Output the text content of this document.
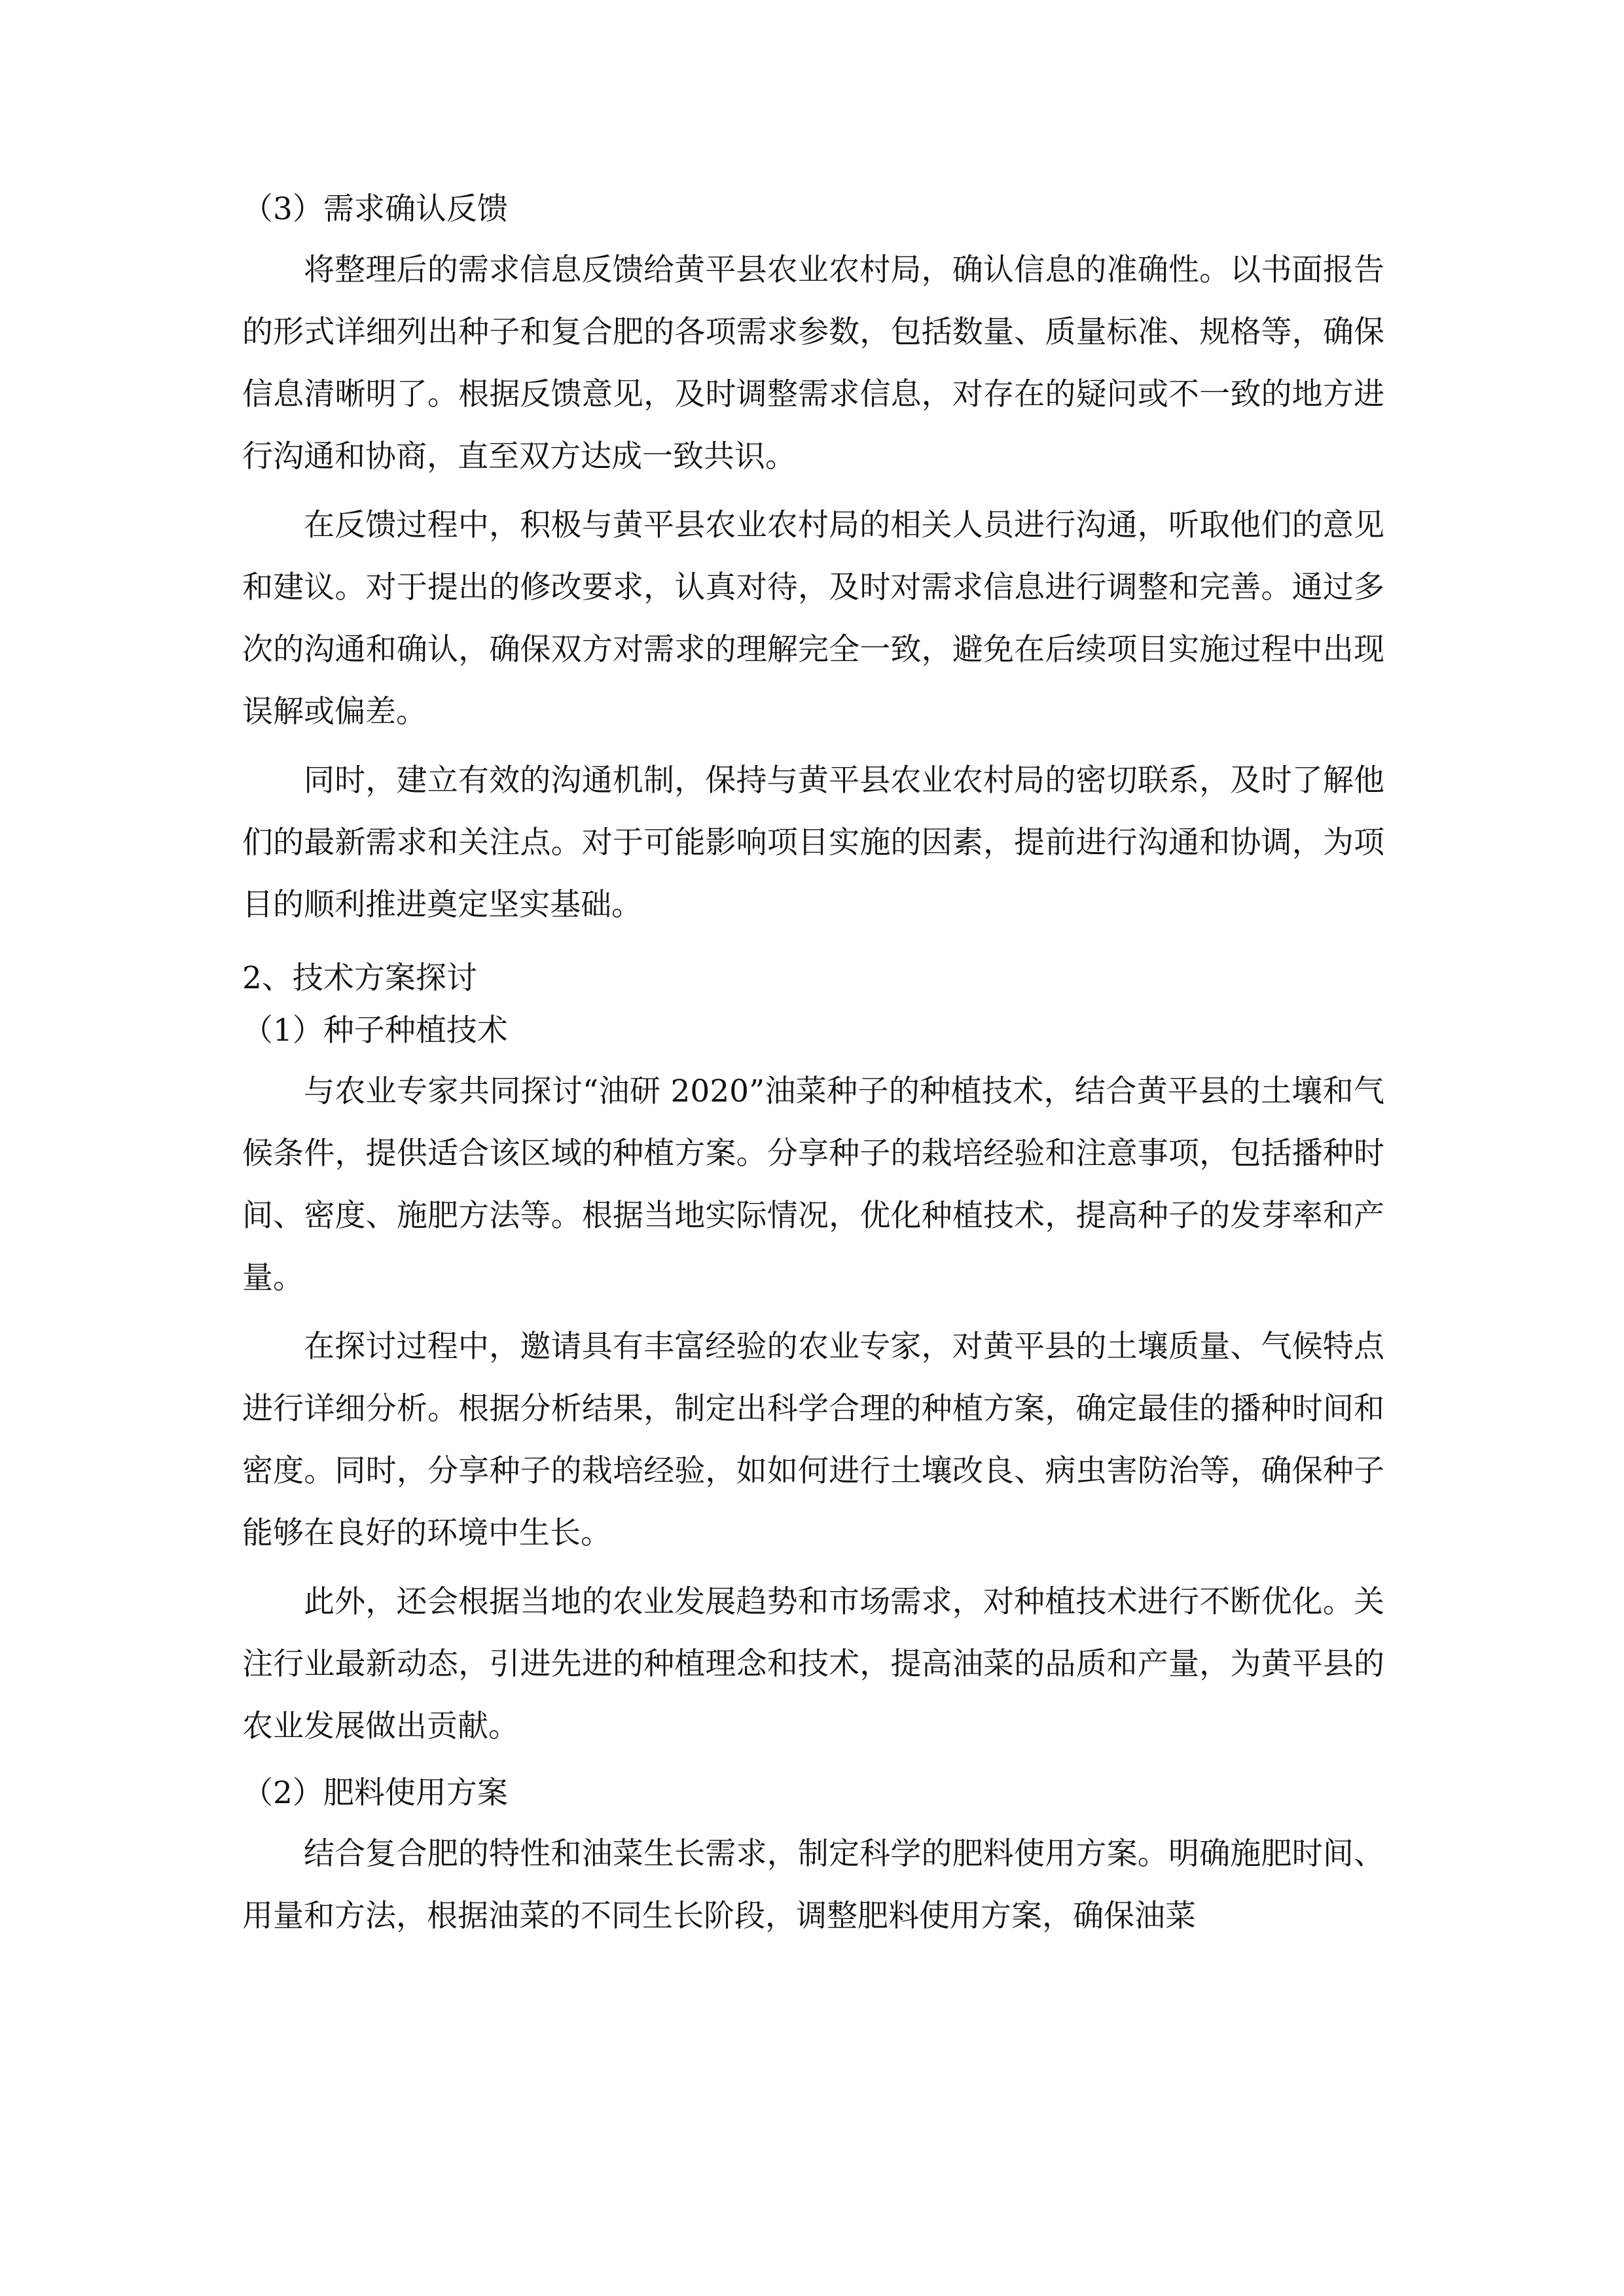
（3）需求确认反馈

将整理后的需求信息反馈给黄平县农业农村局，确认信息的准确性。以书面报告的形式详细列出种子和复合肥的各项需求参数，包括数量、质量标准、规格等，确保信息清晰明了。根据反馈意见，及时调整需求信息，对存在的疑问或不一致的地方进行沟通和协商，直至双方达成一致共识。

在反馈过程中，积极与黄平县农业农村局的相关人员进行沟通，听取他们的意见和建议。对于提出的修改要求，认真对待，及时对需求信息进行调整和完善。通过多次的沟通和确认，确保双方对需求的理解完全一致，避免在后续项目实施过程中出现误解或偏差。

同时，建立有效的沟通机制，保持与黄平县农业农村局的密切联系，及时了解他们的最新需求和关注点。对于可能影响项目实施的因素，提前进行沟通和协调，为项目的顺利推进奠定坚实基础。

2、技术方案探讨

（1）种子种植技术

与农业专家共同探讨“油研 2020”油菜种子的种植技术，结合黄平县的土壤和气候条件，提供适合该区域的种植方案。分享种子的栽培经验和注意事项，包括播种时间、密度、施肥方法等。根据当地实际情况，优化种植技术，提高种子的发芽率和产量。

在探讨过程中，邀请具有丰富经验的农业专家，对黄平县的土壤质量、气候特点进行详细分析。根据分析结果，制定出科学合理的种植方案，确定最佳的播种时间和密度。同时，分享种子的栽培经验，如如何进行土壤改良、病虫害防治等，确保种子能够在良好的环境中生长。

此外，还会根据当地的农业发展趋势和市场需求，对种植技术进行不断优化。关注行业最新动态，引进先进的种植理念和技术，提高油菜的品质和产量，为黄平县的农业发展做出贡献。

（2）肥料使用方案

结合复合肥的特性和油菜生长需求，制定科学的肥料使用方案。明确施肥时间、用量和方法，根据油菜的不同生长阶段，调整肥料使用方案，确保油菜
